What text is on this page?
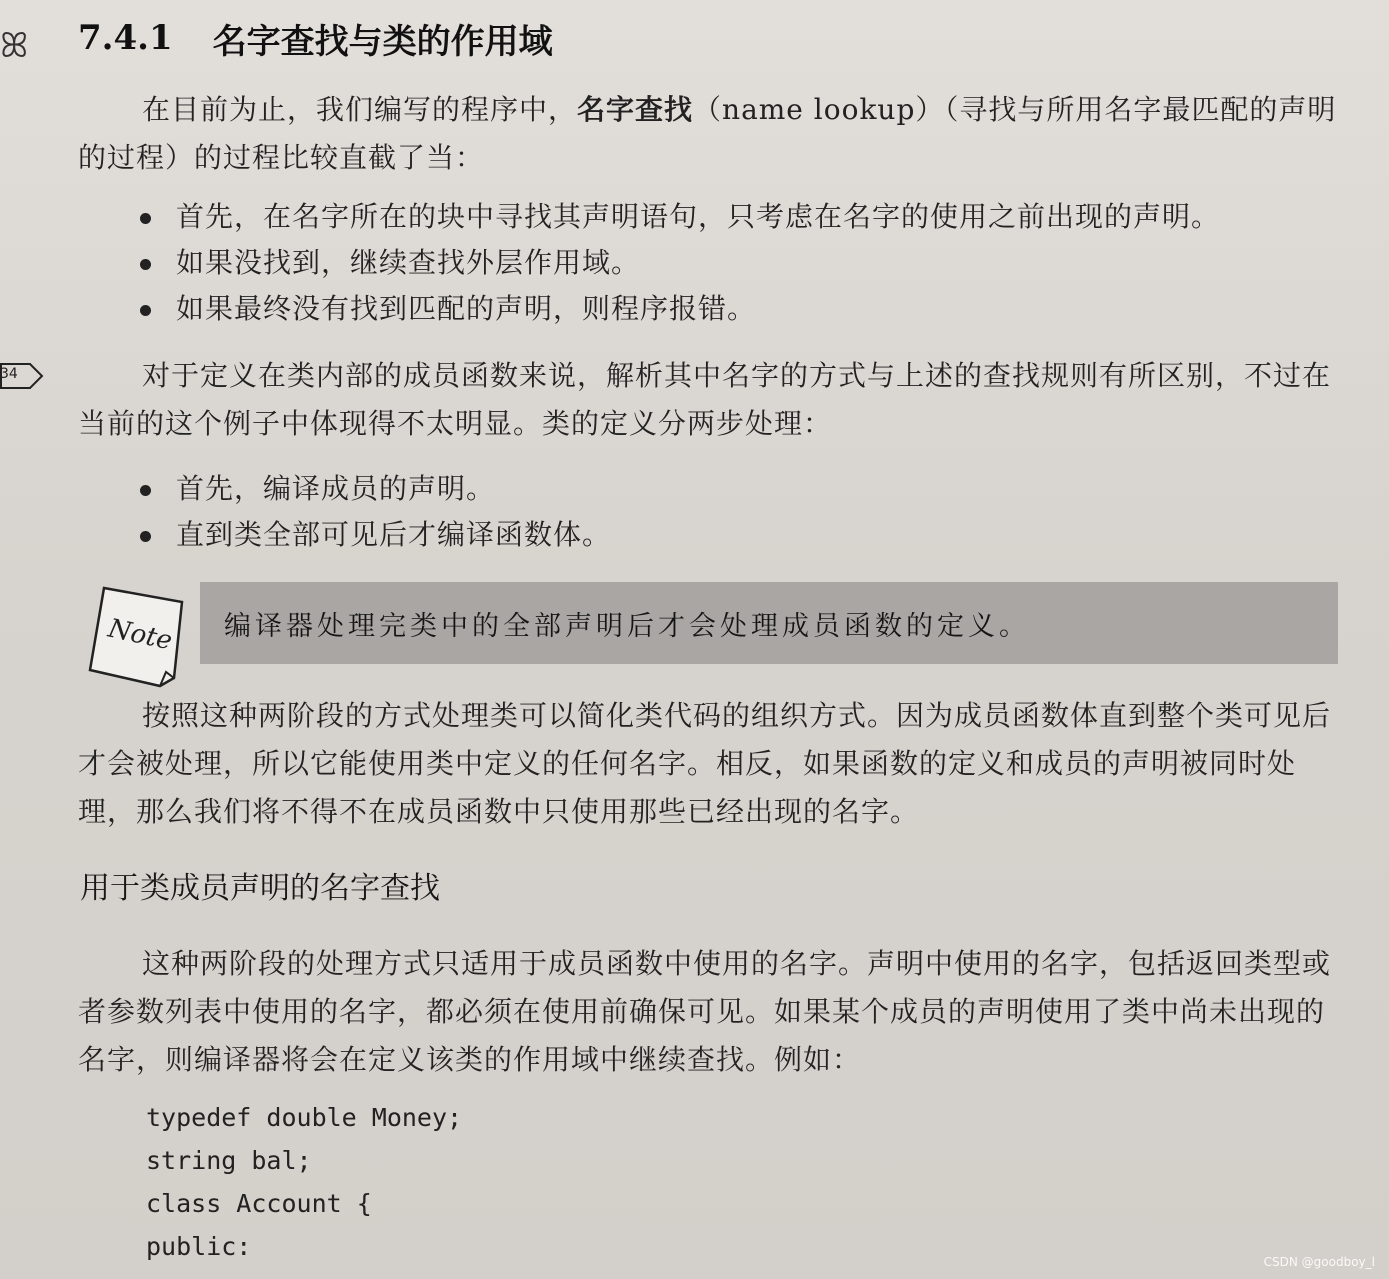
ꕤ 7.4.1 名字查找与类的作用域
在目前为止，我们编写的程序中，名字查找（name lookup）（寻找与所用名字最匹配的声明的过程）的过程比较直截了当：
首先，在名字所在的块中寻找其声明语句，只考虑在名字的使用之前出现的声明。
如果没找到，继续查找外层作用域。
如果最终没有找到匹配的声明，则程序报错。
34	对于定义在类内部的成员函数来说，解析其中名字的方式与上述的查找规则有所区别，不过在当前的这个例子中体现得不太明显。类的定义分两步处理：
首先，编译成员的声明。
直到类全部可见后才编译函数体。
Note	编译器处理完类中的全部声明后才会处理成员函数的定义。
按照这种两阶段的方式处理类可以简化类代码的组织方式。因为成员函数体直到整个类可见后才会被处理，所以它能使用类中定义的任何名字。相反，如果函数的定义和成员的声明被同时处理，那么我们将不得不在成员函数中只使用那些已经出现的名字。
用于类成员声明的名字查找
这种两阶段的处理方式只适用于成员函数中使用的名字。声明中使用的名字，包括返回类型或者参数列表中使用的名字，都必须在使用前确保可见。如果某个成员的声明使用了类中尚未出现的名字，则编译器将会在定义该类的作用域中继续查找。例如：
typedef double Money;
string bal;
class Account {
public:
CSDN @goodboy_l
